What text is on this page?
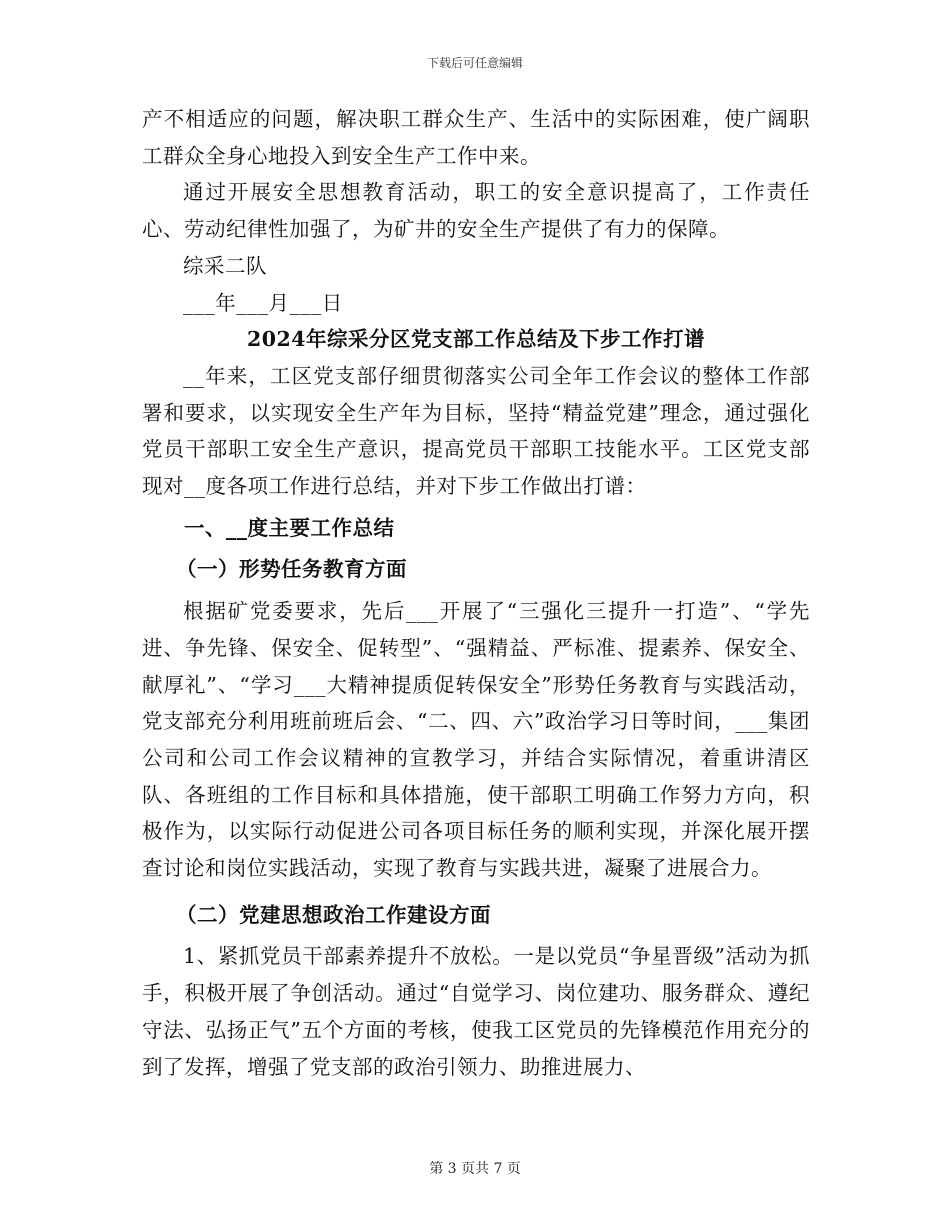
下载后可任意编辑

产不相适应的问题，解决职工群众生产、生活中的实际困难，使广阔职工群众全身心地投入到安全生产工作中来。

通过开展安全思想教育活动，职工的安全意识提高了，工作责任心、劳动纪律性加强了，为矿井的安全生产提供了有力的保障。

综采二队

___年___月___日

2024年综采分区党支部工作总结及下步工作打谱

__年来，工区党支部仔细贯彻落实公司全年工作会议的整体工作部署和要求，以实现安全生产年为目标，坚持“精益党建”理念，通过强化党员干部职工安全生产意识，提高党员干部职工技能水平。工区党支部现对__度各项工作进行总结，并对下步工作做出打谱：

一、__度主要工作总结

（一）形势任务教育方面

根据矿党委要求，先后___开展了“三强化三提升一打造”、“学先进、争先锋、保安全、促转型”、“强精益、严标准、提素养、保安全、献厚礼”、“学习___大精神提质促转保安全”形势任务教育与实践活动，党支部充分利用班前班后会、“二、四、六”政治学习日等时间，___集团公司和公司工作会议精神的宣教学习，并结合实际情况，着重讲清区队、各班组的工作目标和具体措施，使干部职工明确工作努力方向，积极作为，以实际行动促进公司各项目标任务的顺利实现，并深化展开摆查讨论和岗位实践活动，实现了教育与实践共进，凝聚了进展合力。

（二）党建思想政治工作建设方面

1、紧抓党员干部素养提升不放松。一是以党员“争星晋级”活动为抓手，积极开展了争创活动。通过“自觉学习、岗位建功、服务群众、遵纪守法、弘扬正气”五个方面的考核，使我工区党员的先锋模范作用充分的到了发挥，增强了党支部的政治引领力、助推进展力、

第 3 页共 7 页
